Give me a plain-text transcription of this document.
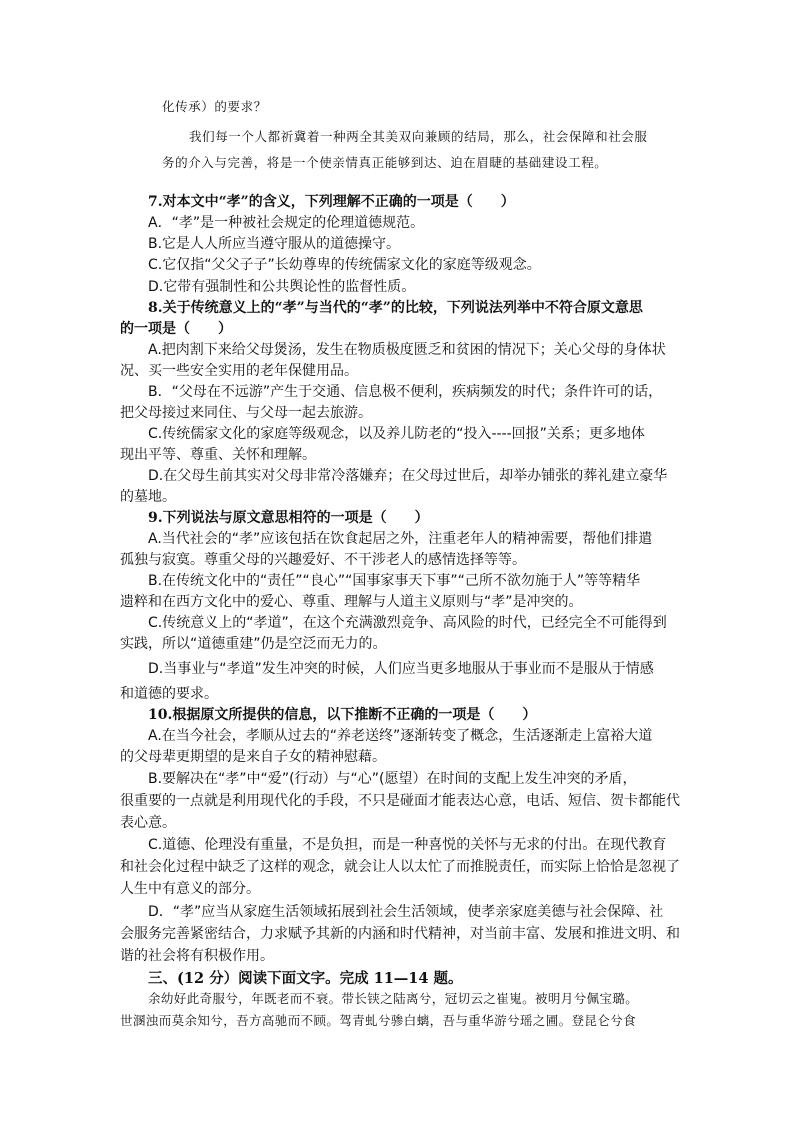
化传承）的要求？
我们每一个人都祈冀着一种两全其美双向兼顾的结局，那么，社会保障和社会服
务的介入与完善，将是一个使亲情真正能够到达、迫在眉睫的基础建设工程。
7.对本文中“孝”的含义，下列理解不正确的一项是（　　）
A．“孝”是一种被社会规定的伦理道德规范。
B.它是人人所应当遵守服从的道德操守。
C.它仅指“父父子子”长幼尊卑的传统儒家文化的家庭等级观念。
D.它带有强制性和公共舆论性的监督性质。
8.关于传统意义上的“孝”与当代的“孝”的比较，下列说法列举中不符合原文意思
的一项是（　　）
A.把肉割下来给父母煲汤，发生在物质极度匮乏和贫困的情况下；关心父母的身体状
况、买一些安全实用的老年保健用品。
B．“父母在不远游”产生于交通、信息极不便利，疾病频发的时代；条件许可的话，
把父母接过来同住、与父母一起去旅游。
C.传统儒家文化的家庭等级观念，以及养儿防老的“投入----回报”关系；更多地体
现出平等、尊重、关怀和理解。
D.在父母生前其实对父母非常冷落嫌弃；在父母过世后，却举办铺张的葬礼建立豪华
的墓地。
9.下列说法与原文意思相符的一项是（　　）
A.当代社会的“孝”应该包括在饮食起居之外，注重老年人的精神需要，帮他们排遣
孤独与寂寞。尊重父母的兴趣爱好、不干涉老人的感情选择等等。
B.在传统文化中的“责任”“良心”“国事家事天下事”“己所不欲勿施于人”等等精华
遗粹和在西方文化中的爱心、尊重、理解与人道主义原则与“孝”是冲突的。
C.传统意义上的“孝道”，在这个充满激烈竞争、高风险的时代，已经完全不可能得到
实践，所以“道德重建”仍是空泛而无力的。
D.当事业与“孝道”发生冲突的时候，人们应当更多地服从于事业而不是服从于情感
和道德的要求。
10.根据原文所提供的信息，以下推断不正确的一项是（　　）
A.在当今社会，孝顺从过去的“养老送终”逐渐转变了概念，生活逐渐走上富裕大道
的父母辈更期望的是来自子女的精神慰藉。
B.要解决在“孝”中“爱”(行动）与“心”(愿望）在时间的支配上发生冲突的矛盾，
很重要的一点就是利用现代化的手段，不只是碰面才能表达心意，电话、短信、贺卡都能代
表心意。
C.道德、伦理没有重量，不是负担，而是一种喜悦的关怀与无求的付出。在现代教育
和社会化过程中缺乏了这样的观念，就会让人以太忙了而推脱责任，而实际上恰恰是忽视了
人生中有意义的部分。
D．“孝”应当从家庭生活领域拓展到社会生活领域，使孝亲家庭美德与社会保障、社
会服务完善紧密结合，力求赋予其新的内涵和时代精神，对当前丰富、发展和推进文明、和
谐的社会将有积极作用。
三、(12 分）阅读下面文字。完成 11—14 题。
余幼好此奇服兮，年既老而不衰。带长铗之陆离兮，冠切云之崔嵬。被明月兮佩宝璐。
世溷浊而莫余知兮，吾方高驰而不顾。驾青虬兮骖白螭，吾与重华游兮瑶之圃。登昆仑兮食
